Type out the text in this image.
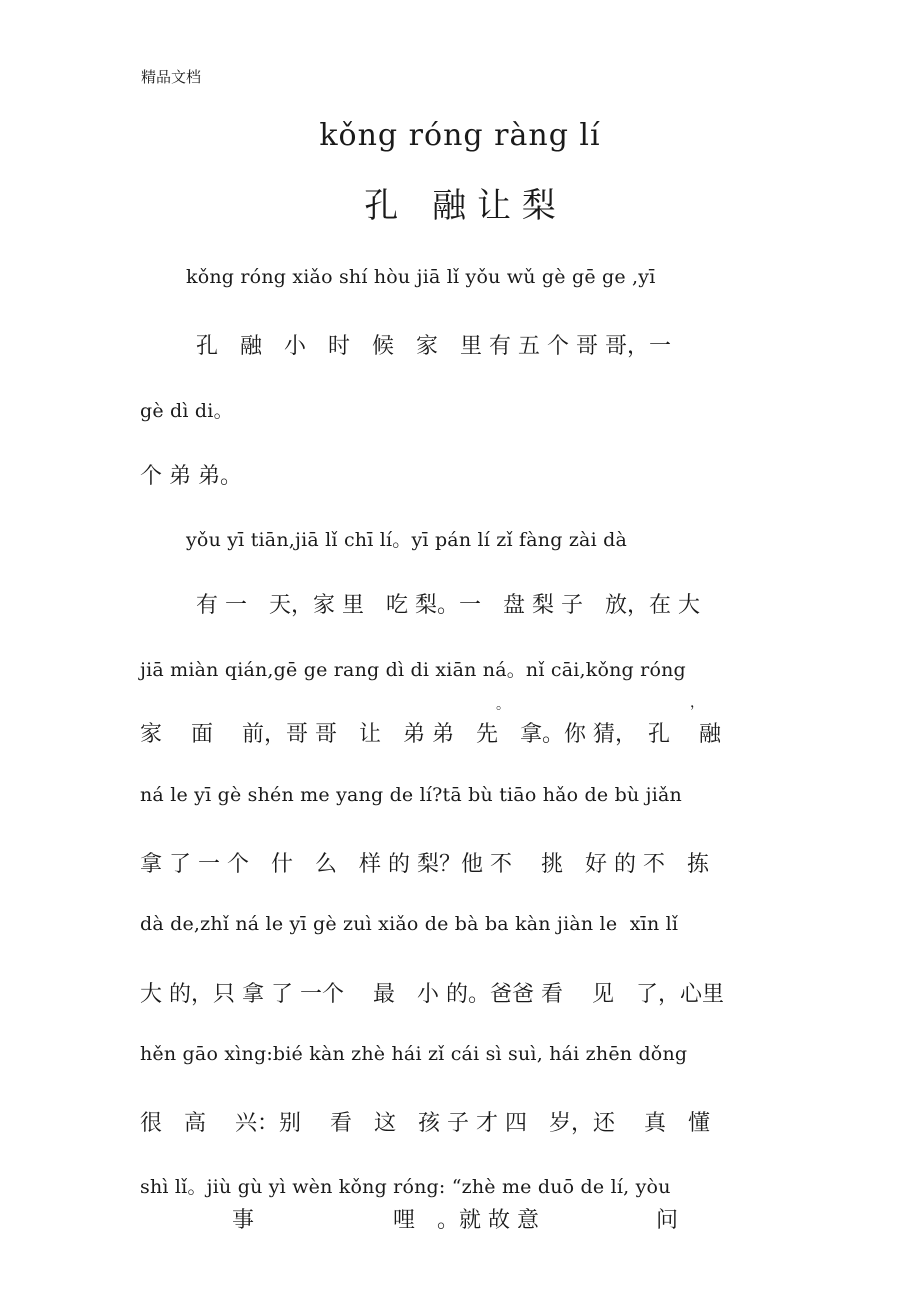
精品文档
kǒng róng ràng lí
孔　融 让 梨
kǒng róng xiǎo shí hòu jiā lǐ yǒu wǔ gè gē ge ,yī
孔　融　小　时　候　家　里 有 五 个 哥 哥，一
gè dì di。
个 弟 弟。
yǒu yī tiān,jiā lǐ chī lí。yī pán lí zǐ fàng zài dà
有 一　天，家 里　吃 梨。一　盘 梨 子　放，在 大
jiā miàn qián,gē ge rang dì di xiān ná。nǐ cāi,kǒng róng
。	，
家　 面　 前，哥 哥　让　弟 弟　先　拿。你 猜，　孔　 融
ná le yī gè shén me yang de lí?tā bù tiāo hǎo de bù jiǎn
拿 了 一 个　什　么　样 的 梨？他 不　 挑　好 的 不　拣
dà de,zhǐ ná le yī gè zuì xiǎo de bà ba kàn jiàn le  xīn lǐ
大 的，只 拿 了 一个　 最　小 的。爸爸 看　 见　了，心里
hěn gāo xìng:bié kàn zhè hái zǐ cái sì suì, hái zhēn dǒng
很　高　 兴：别　 看　这　孩 子 才 四　岁，还　 真　懂
shì lǐ。jiù gù yì wèn kǒng róng: “zhè me duō de lí, yòu
事　　　　　　 哩　。就 故 意　　　　　 问
